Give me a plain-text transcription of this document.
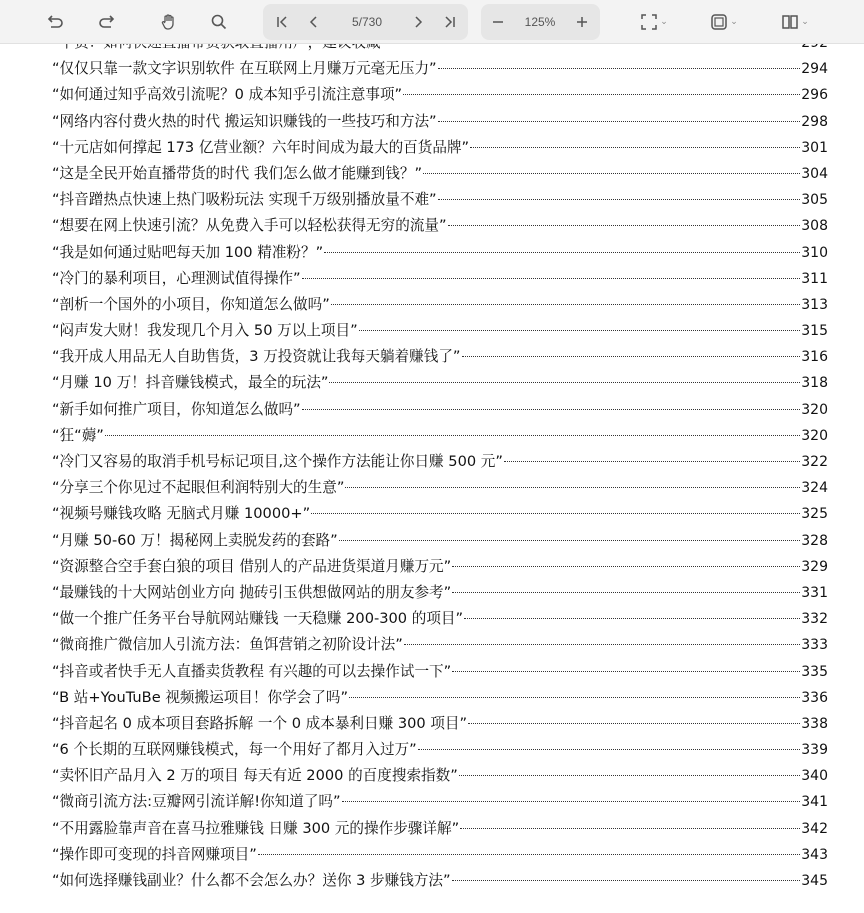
5/730	125%	⌄	⌄	⌄
“仅仅只靠一款文字识别软件 在互联网上月赚万元毫无压力”	294
“如何通过知乎高效引流呢？0 成本知乎引流注意事项”	296
“网络内容付费火热的时代 搬运知识赚钱的一些技巧和方法”	298
“十元店如何撑起 173 亿营业额？六年时间成为最大的百货品牌”	301
“这是全民开始直播带货的时代 我们怎么做才能赚到钱？”	304
“抖音蹭热点快速上热门吸粉玩法 实现千万级别播放量不难”	305
“想要在网上快速引流？从免费入手可以轻松获得无穷的流量”	308
“我是如何通过贴吧每天加 100 精准粉？”	310
“冷门的暴利项目，心理测试值得操作”	311
“剖析一个国外的小项目，你知道怎么做吗”	313
“闷声发大财！我发现几个月入 50 万以上项目”	315
“我开成人用品无人自助售货，3 万投资就让我每天躺着赚钱了”	316
“月赚 10 万！抖音赚钱模式，最全的玩法”	318
“新手如何推广项目，你知道怎么做吗”	320
“狂“薅”	320
“冷门又容易的取消手机号标记项目,这个操作方法能让你日赚 500 元”	322
“分享三个你见过不起眼但利润特别大的生意”	324
“视频号赚钱攻略 无脑式月赚 10000+”	325
“月赚 50-60 万！揭秘网上卖脱发药的套路”	328
“资源整合空手套白狼的项目 借别人的产品进货渠道月赚万元”	329
“最赚钱的十大网站创业方向 抛砖引玉供想做网站的朋友参考”	331
“做一个推广任务平台导航网站赚钱 一天稳赚 200-300 的项目”	332
“微商推广微信加人引流方法：鱼饵营销之初阶设计法”	333
“抖音或者快手无人直播卖货教程 有兴趣的可以去操作试一下”	335
“B 站+YouTuBe 视频搬运项目！你学会了吗”	336
“抖音起名 0 成本项目套路拆解 一个 0 成本暴利日赚 300 项目”	338
“6 个长期的互联网赚钱模式，每一个用好了都月入过万”	339
“卖怀旧产品月入 2 万的项目 每天有近 2000 的百度搜索指数”	340
“微商引流方法:豆瓣网引流详解!你知道了吗”	341
“不用露脸靠声音在喜马拉雅赚钱 日赚 300 元的操作步骤详解”	342
“操作即可变现的抖音网赚项目”	343
“如何选择赚钱副业？什么都不会怎么办？送你 3 步赚钱方法”	345
